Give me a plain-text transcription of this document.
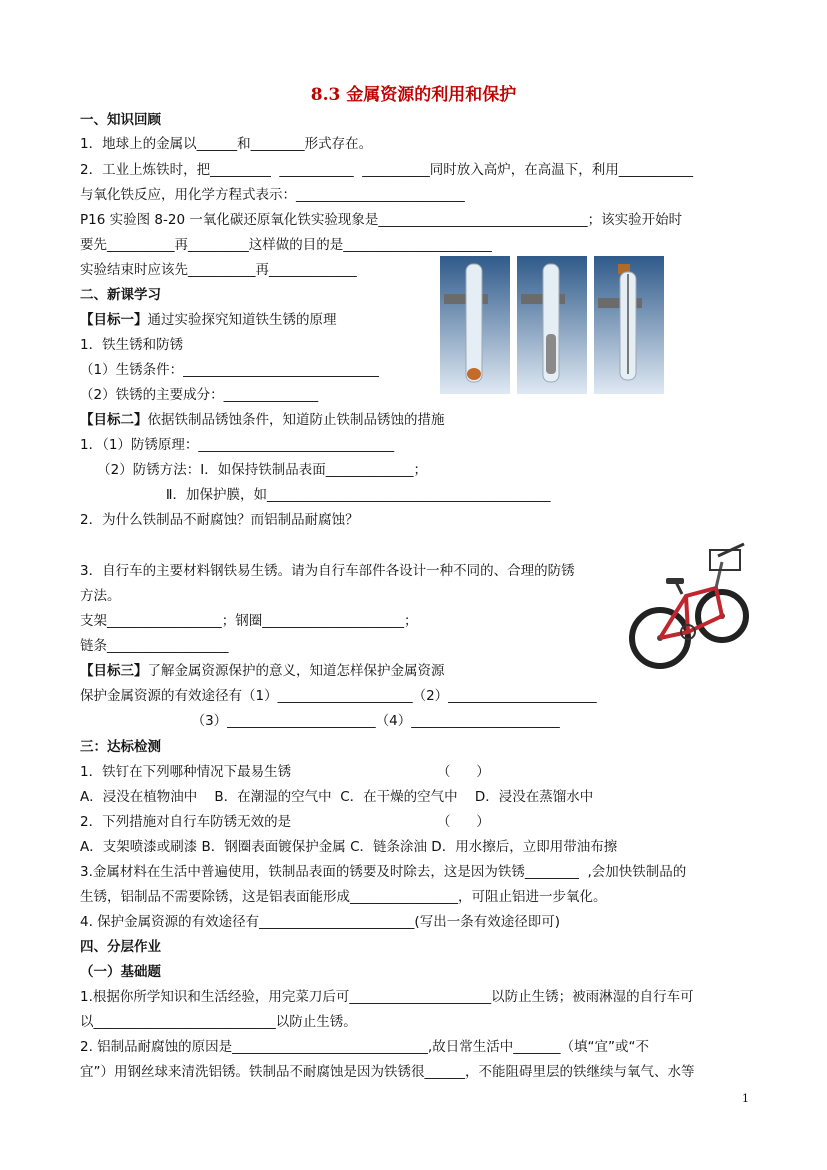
8.3 金属资源的利用和保护
一、知识回顾
1．地球上的金属以______和________形式存在。
2．工业上炼铁时，把_________  ___________  __________同时放入高炉，在高温下，利用___________
与氧化铁反应，用化学方程式表示：_________________________
P16 实验图 8-20 一氧化碳还原氧化铁实验现象是_______________________________；该实验开始时
要先__________再_________这样做的目的是______________________
实验结束时应该先__________再_____________
二、新课学习
【目标一】通过实验探究知道铁生锈的原理
1．铁生锈和防锈
（1）生锈条件：_____________________________
（2）铁锈的主要成分：______________
【目标二】依据铁制品锈蚀条件，知道防止铁制品锈蚀的措施
1．（1）防锈原理：_____________________________
（2）防锈方法：Ⅰ．如保持铁制品表面_____________；
Ⅱ．加保护膜，如__________________________________________
2．为什么铁制品不耐腐蚀？而铝制品耐腐蚀？
3．自行车的主要材料钢铁易生锈。请为自行车部件各设计一种不同的、合理的防锈
方法。
支架_________________；钢圈_____________________；
链条__________________
【目标三】了解金属资源保护的意义，知道怎样保护金属资源
保护金属资源的有效途径有（1）____________________（2）______________________
（3）______________________（4）______________________
三：达标检测
1．铁钉在下列哪种情况下最易生锈                                  （      ）
A．浸没在植物油中    B．在潮湿的空气中  C．在干燥的空气中    D．浸没在蒸馏水中
2．下列措施对自行车防锈无效的是                                  （      ）
A．支架喷漆或刷漆 B．钢圈表面镀保护金属 C．链条涂油 D．用水擦后，立即用带油布擦
3.金属材料在生活中普遍使用，铁制品表面的锈要及时除去，这是因为铁锈________  ,会加快铁制品的
生锈，铝制品不需要除锈，这是铝表面能形成________________，可阻止铝进一步氧化。
4. 保护金属资源的有效途径有_______________________(写出一条有效途径即可)
四、分层作业
（一）基础题
1.根据你所学知识和生活经验，用完菜刀后可_____________________以防止生锈；被雨淋湿的自行车可
以___________________________以防止生锈。
2. 铝制品耐腐蚀的原因是_____________________________,故日常生活中_______（填“宜”或“不
宜”）用钢丝球来清洗铝锈。铁制品不耐腐蚀是因为铁锈很______，不能阻碍里层的铁继续与氧气、水等
1
